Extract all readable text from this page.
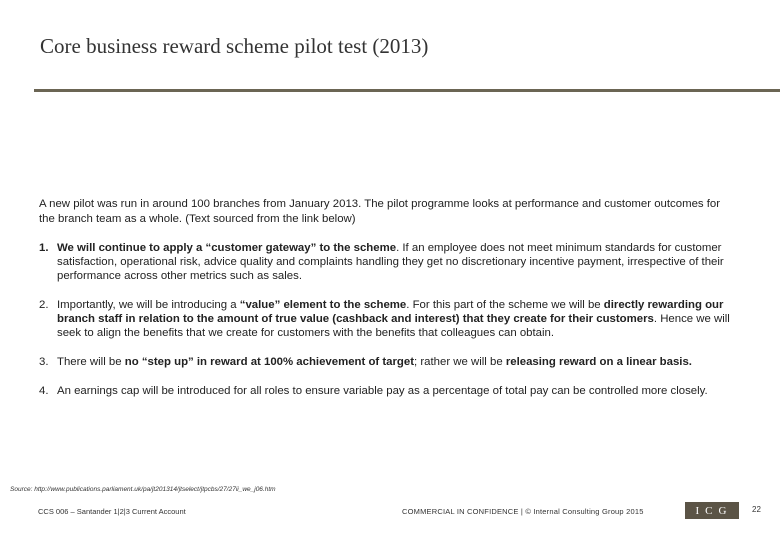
Core business reward scheme pilot test (2013)
A new pilot was run in around 100 branches from January 2013. The pilot programme looks at performance and customer outcomes for the branch team as a whole. (Text sourced from the link below)
1. We will continue to apply a “customer gateway” to the scheme. If an employee does not meet minimum standards for customer satisfaction, operational risk, advice quality and complaints handling they get no discretionary incentive payment, irrespective of their performance across other metrics such as sales.
2. Importantly, we will be introducing a “value” element to the scheme. For this part of the scheme we will be directly rewarding our branch staff in relation to the amount of true value (cashback and interest) that they create for their customers. Hence we will seek to align the benefits that we create for customers with the benefits that colleagues can obtain.
3. There will be no “step up” in reward at 100% achievement of target; rather we will be releasing reward on a linear basis.
4. An earnings cap will be introduced for all roles to ensure variable pay as a percentage of total pay can be controlled more closely.
Source: http://www.publications.parliament.uk/pa/jt201314/jtselect/jtpcbs/27/27ii_we_j06.htm
CCS 006 – Santander 1|2|3 Current Account	COMMERCIAL IN CONFIDENCE | © Internal Consulting Group 2015	ICG	22
